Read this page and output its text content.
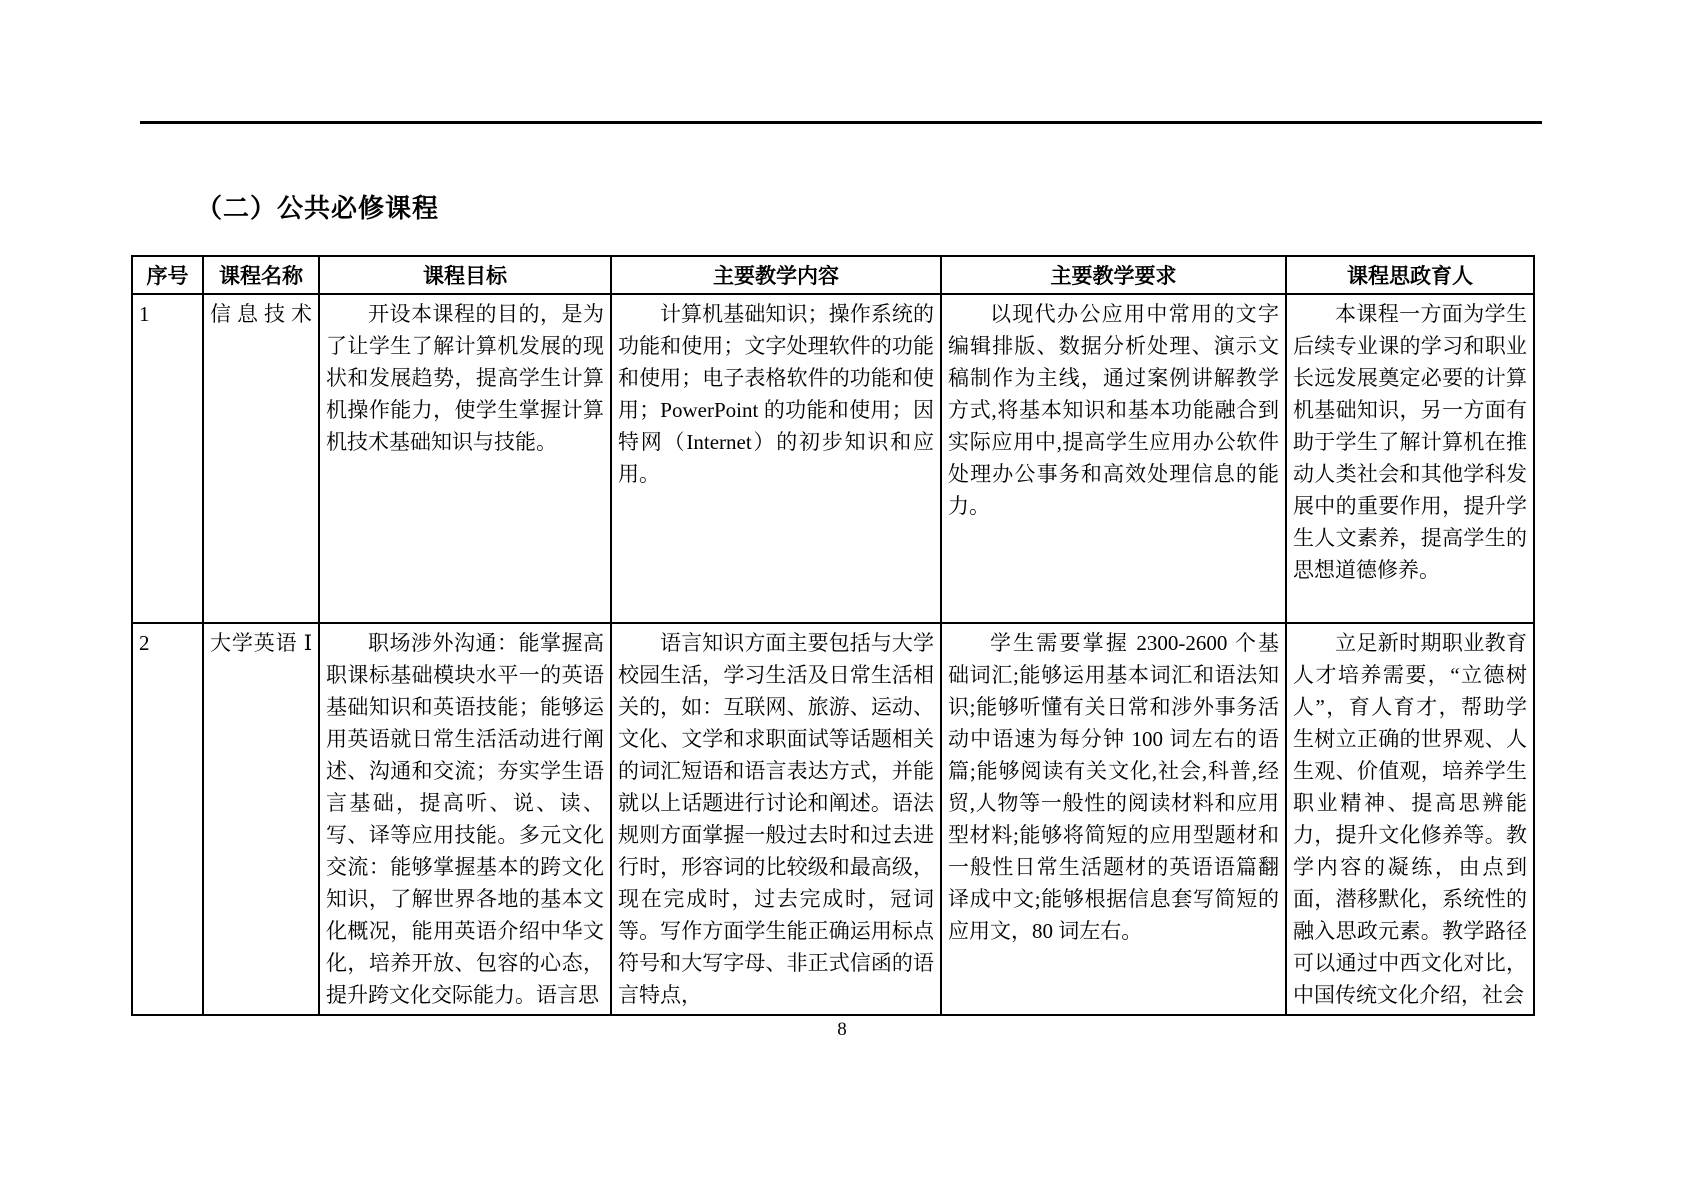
（二）公共必修课程
序号	课程名称	课程目标	主要教学内容	主要教学要求	课程思政育人
1	信息技术	开设本课程的目的，是为了让学生了解计算机发展的现状和发展趋势，提高学生计算机操作能力，使学生掌握计算机技术基础知识与技能。	计算机基础知识；操作系统的功能和使用；文字处理软件的功能和使用；电子表格软件的功能和使用；PowerPoint 的功能和使用；因特网（Internet）的初步知识和应用。	以现代办公应用中常用的文字编辑排版、数据分析处理、演示文稿制作为主线，通过案例讲解教学方式,将基本知识和基本功能融合到实际应用中,提高学生应用办公软件处理办公事务和高效处理信息的能力。	本课程一方面为学生后续专业课的学习和职业长远发展奠定必要的计算机基础知识，另一方面有助于学生了解计算机在推动人类社会和其他学科发展中的重要作用，提升学生人文素养，提高学生的思想道德修养。

2	大学英语 Ⅰ	职场涉外沟通：能掌握高职课标基础模块水平一的英语基础知识和英语技能；能够运用英语就日常生活活动进行阐述、沟通和交流；夯实学生语言基础，提高听、说、读、写、译等应用技能。多元文化交流：能够掌握基本的跨文化知识，了解世界各地的基本文化概况，能用英语介绍中华文化，培养开放、包容的心态，提升跨文化交际能力。语言思	语言知识方面主要包括与大学校园生活，学习生活及日常生活相关的，如：互联网、旅游、运动、文化、文学和求职面试等话题相关的词汇短语和语言表达方式，并能就以上话题进行讨论和阐述。语法规则方面掌握一般过去时和过去进行时，形容词的比较级和最高级，现在完成时，过去完成时，冠词等。写作方面学生能正确运用标点符号和大写字母、非正式信函的语言特点，	学生需要掌握 2300-2600 个基础词汇;能够运用基本词汇和语法知识;能够听懂有关日常和涉外事务活动中语速为每分钟 100 词左右的语篇;能够阅读有关文化,社会,科普,经贸,人物等一般性的阅读材料和应用型材料;能够将简短的应用型题材和一般性日常生活题材的英语语篇翻译成中文;能够根据信息套写简短的应用文，80 词左右。	立足新时期职业教育人才培养需要，“立德树人”，育人育才，帮助学生树立正确的世界观、人生观、价值观，培养学生职业精神、提高思辨能力，提升文化修养等。教学内容的凝练，由点到面，潜移默化，系统性的融入思政元素。教学路径可以通过中西文化对比，中国传统文化介绍，社会
8
